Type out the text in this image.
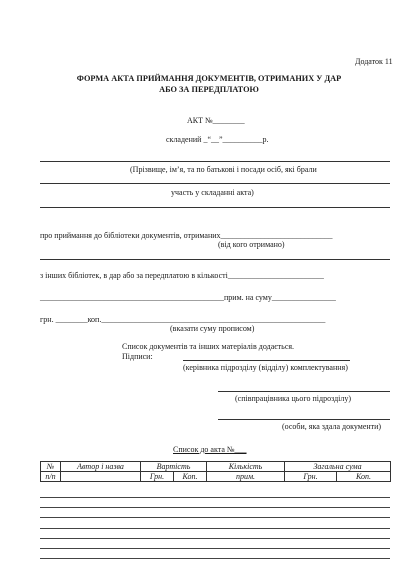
Додаток 11
ФОРМА АКТА ПРИЙМАННЯ ДОКУМЕНТІВ, ОТРИМАНИХ У ДАР
АБО ЗА ПЕРЕДПЛАТОЮ
АКТ №________
складений _“__”__________р.
(Прізвище, ім’я, та по батькові і посади осіб, які брали
участь у складанні акта)
про приймання до бібліотеки документів, отриманих____________________________
(від кого отримано)
з інших бібліотек, в дар або за передплатою в кількості________________________
______________________________________________прим. на суму________________
грн. ________коп.________________________________________________________
(вказати суму прописом)
Список документів та інших матеріалів додається.
Підписи:
(керівника підрозділу (відділу) комплектування)
(співпрацівника цього підрозділу)
(особи, яка здала документи)
Список до акта №___
№	Автор і назва	Вартість		Кількість	Загальна сума	
п/п		Грн.	Коп.	прим.	Грн.	Коп.
